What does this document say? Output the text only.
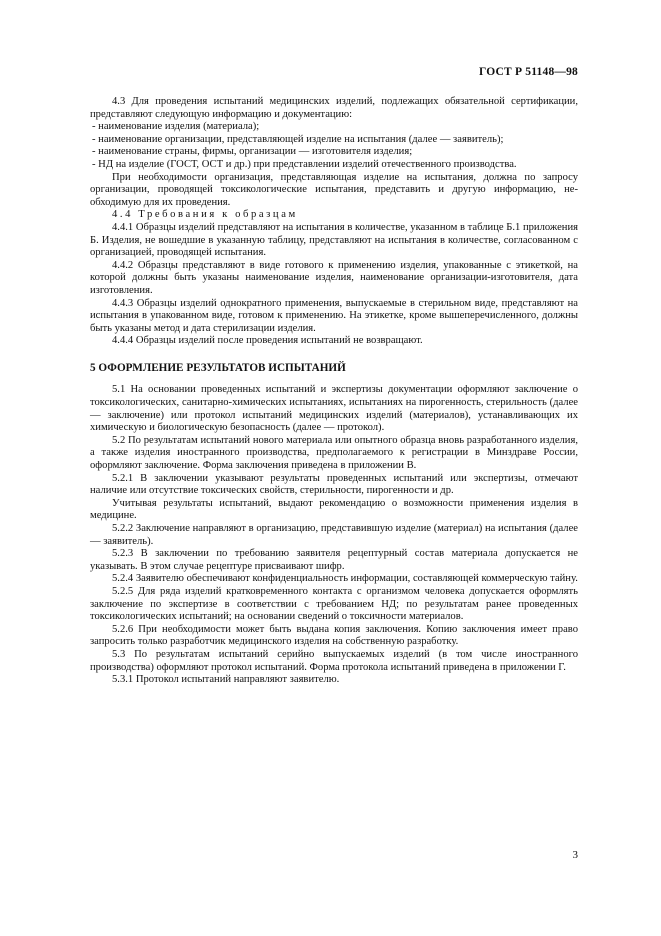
ГОСТ Р 51148—98

4.3 Для проведения испытаний медицинских изделий, подлежащих обязательной сертификации, представляют следующую информацию и документацию:

- наименование изделия (материала);

- наименование организации, представляющей изделие на испытания (далее — заявитель);

- наименование страны, фирмы, организации — изготовителя изделия;

- НД на изделие (ГОСТ, ОСТ и др.) при представлении изделий отечественного производства.

При необходимости организация, представляющая изделие на испытания, должна по запросу организации, проводящей токсикологические испытания, представить и другую информацию, необходимую для их проведения.

4.4 Требования к образцам

4.4.1 Образцы изделий представляют на испытания в количестве, указанном в таблице Б.1 приложения Б. Изделия, не вошедшие в указанную таблицу, представляют на испытания в количестве, согласованном с организацией, проводящей испытания.

4.4.2 Образцы представляют в виде готового к применению изделия, упакованные с этикеткой, на которой должны быть указаны наименование изделия, наименование организации-изготовителя, дата изготовления.

4.4.3 Образцы изделий однократного применения, выпускаемые в стерильном виде, представляют на испытания в упакованном виде, готовом к применению. На этикетке, кроме вышеперечисленного, должны быть указаны метод и дата стерилизации изделия.

4.4.4 Образцы изделий после проведения испытаний не возвращают.

5 ОФОРМЛЕНИЕ РЕЗУЛЬТАТОВ ИСПЫТАНИЙ

5.1 На основании проведенных испытаний и экспертизы документации оформляют заключение о токсикологических, санитарно-химических испытаниях, испытаниях на пирогенность, стерильность (далее — заключение) или протокол испытаний медицинских изделий (материалов), устанавливающих их химическую и биологическую безопасность (далее — протокол).

5.2 По результатам испытаний нового материала или опытного образца вновь разработанного изделия, а также изделия иностранного производства, предполагаемого к регистрации в Минздраве России, оформляют заключение. Форма заключения приведена в приложении В.

5.2.1 В заключении указывают результаты проведенных испытаний или экспертизы, отмечают наличие или отсутствие токсических свойств, стерильности, пирогенности и др.

Учитывая результаты испытаний, выдают рекомендацию о возможности применения изделия в медицине.

5.2.2 Заключение направляют в организацию, представившую изделие (материал) на испытания (далее — заявитель).

5.2.3 В заключении по требованию заявителя рецептурный состав материала допускается не указывать. В этом случае рецептуре присваивают шифр.

5.2.4 Заявителю обеспечивают конфиденциальность информации, составляющей коммерческую тайну.

5.2.5 Для ряда изделий кратковременного контакта с организмом человека допускается оформлять заключение по экспертизе в соответствии с требованием НД; по результатам ранее проведенных токсикологических испытаний; на основании сведений о токсичности материалов.

5.2.6 При необходимости может быть выдана копия заключения. Копию заключения имеет право запросить только разработчик медицинского изделия на собственную разработку.

5.3 По результатам испытаний серийно выпускаемых изделий (в том числе иностранного производства) оформляют протокол испытаний. Форма протокола испытаний приведена в приложении Г.

5.3.1 Протокол испытаний направляют заявителю.

3
